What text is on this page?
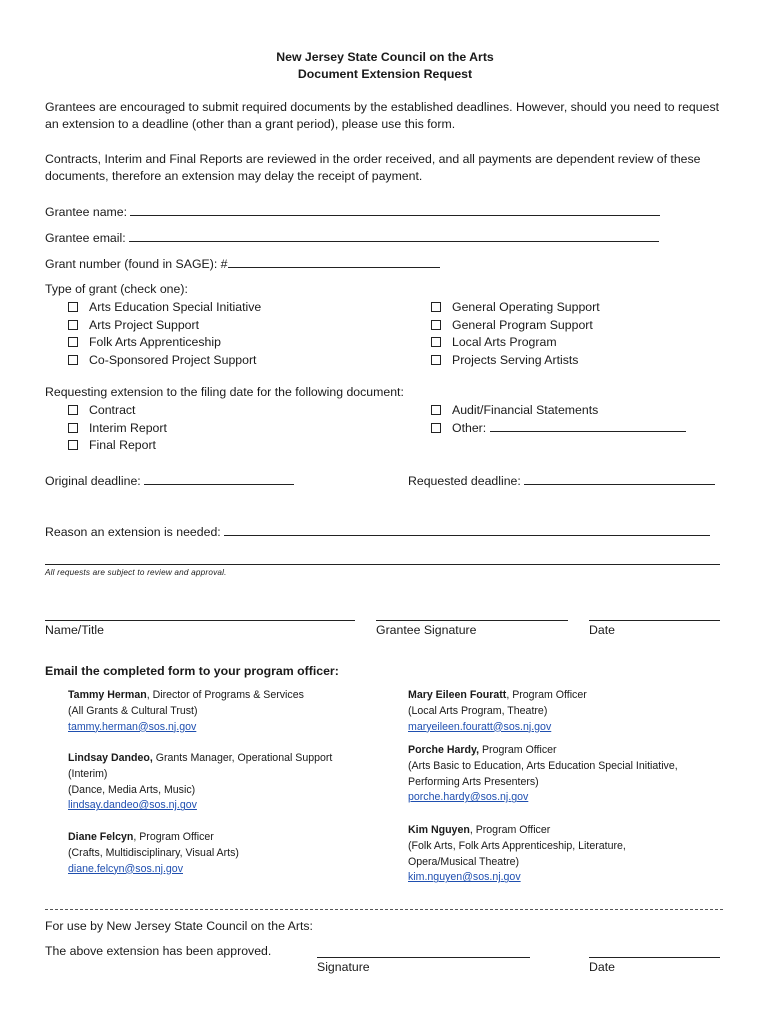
New Jersey State Council on the Arts
Document Extension Request
Grantees are encouraged to submit required documents by the established deadlines. However, should you need to request an extension to a deadline (other than a grant period), please use this form.
Contracts, Interim and Final Reports are reviewed in the order received, and all payments are dependent review of these documents, therefore an extension may delay the receipt of payment.
Grantee name:
Grantee email:
Grant number (found in SAGE): #
Type of grant (check one):
Arts Education Special Initiative
Arts Project Support
Folk Arts Apprenticeship
Co-Sponsored Project Support
General Operating Support
General Program Support
Local Arts Program
Projects Serving Artists
Requesting extension to the filing date for the following document:
Contract
Interim Report
Final Report
Audit/Financial Statements
Other:
Original deadline:	Requested deadline:
Reason an extension is needed:
All requests are subject to review and approval.
Name/Title	Grantee Signature	Date
Email the completed form to your program officer:
Tammy Herman, Director of Programs & Services
(All Grants & Cultural Trust)
tammy.herman@sos.nj.gov
Lindsay Dandeo, Grants Manager, Operational Support
(Interim)
(Dance, Media Arts, Music)
lindsay.dandeo@sos.nj.gov
Diane Felcyn, Program Officer
(Crafts, Multidisciplinary, Visual Arts)
diane.felcyn@sos.nj.gov
Mary Eileen Fouratt, Program Officer
(Local Arts Program, Theatre)
maryeileen.fouratt@sos.nj.gov
Porche Hardy, Program Officer
(Arts Basic to Education, Arts Education Special Initiative,
Performing Arts Presenters)
porche.hardy@sos.nj.gov
Kim Nguyen, Program Officer
(Folk Arts, Folk Arts Apprenticeship, Literature,
Opera/Musical Theatre)
kim.nguyen@sos.nj.gov
For use by New Jersey State Council on the Arts:
The above extension has been approved.
Signature	Date
